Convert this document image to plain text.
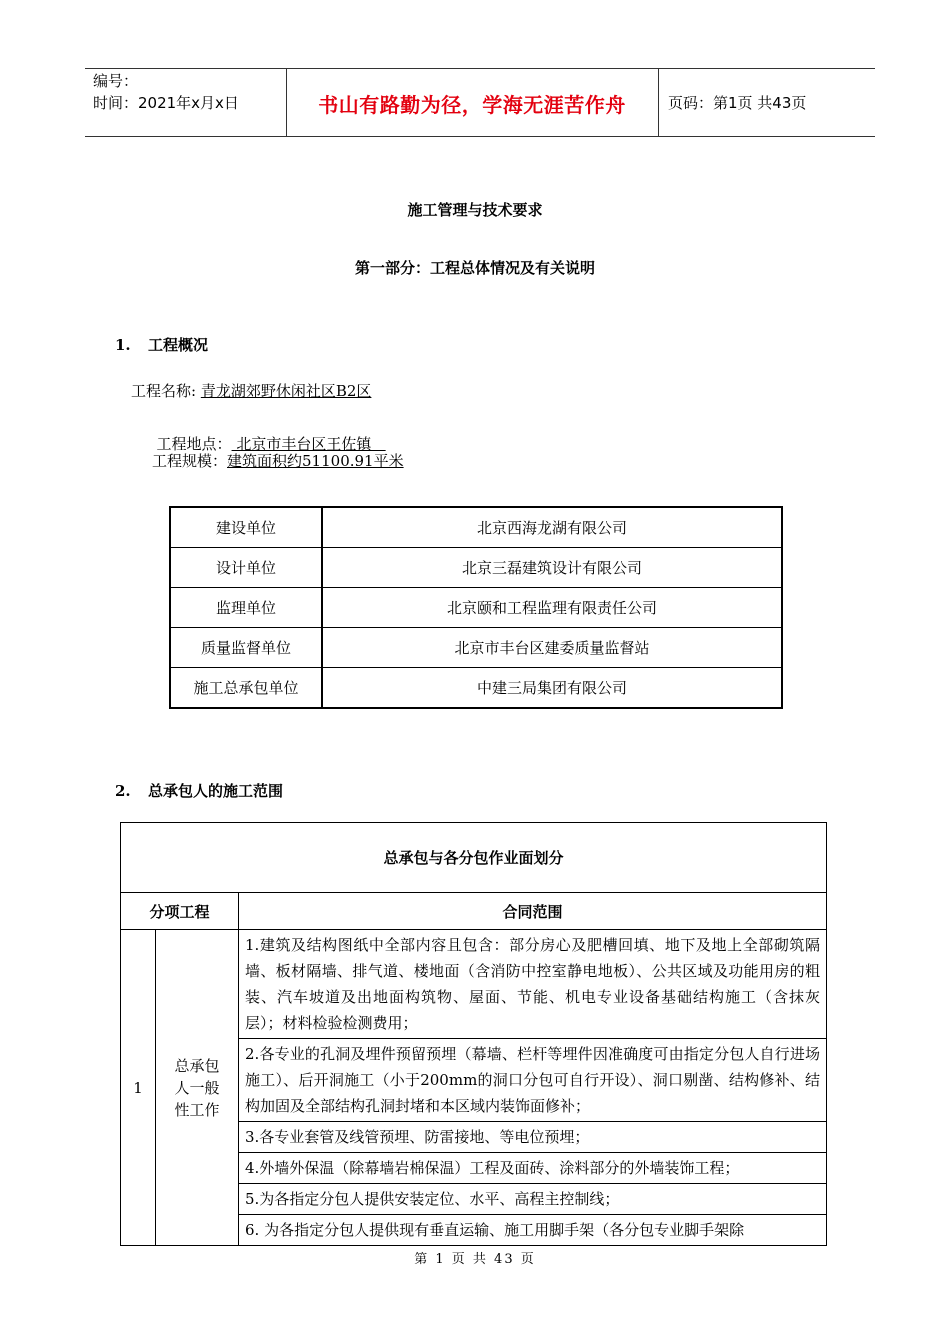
编号：
时间：2021年x月x日	书山有路勤为径，学海无涯苦作舟	页码：第1页 共43页
施工管理与技术要求
第一部分：工程总体情况及有关说明
1. 工程概况
工程名称: 青龙湖郊野休闲社区B2区

工程地点： 北京市丰台区王佐镇

工程规模：建筑面积约51100.91平米
建设单位	北京西海龙湖有限公司
设计单位	北京三磊建筑设计有限公司
监理单位	北京颐和工程监理有限责任公司
质量监督单位	北京市丰台区建委质量监督站
施工总承包单位	中建三局集团有限公司
2. 总承包人的施工范围
总承包与各分包作业面划分		
分项工程		合同范围
1	总承包人一般性工作	1.建筑及结构图纸中全部内容且包含：部分房心及肥槽回填、地下及地上全部砌筑隔墙、板材隔墙、排气道、楼地面（含消防中控室静电地板）、公共区域及功能用房的粗装、汽车坡道及出地面构筑物、屋面、节能、机电专业设备基础结构施工（含抹灰层）；材料检验检测费用；
		2.各专业的孔洞及埋件预留预埋（幕墙、栏杆等埋件因准确度可由指定分包人自行进场施工）、后开洞施工（小于200mm的洞口分包可自行开设）、洞口剔凿、结构修补、结构加固及全部结构孔洞封堵和本区域内装饰面修补；
		3.各专业套管及线管预埋、防雷接地、等电位预埋；
		4.外墙外保温（除幕墙岩棉保温）工程及面砖、涂料部分的外墙装饰工程；
		5.为各指定分包人提供安装定位、水平、高程主控制线；
		6. 为各指定分包人提供现有垂直运输、施工用脚手架（各分包专业脚手架除
第 1 页 共 43 页
